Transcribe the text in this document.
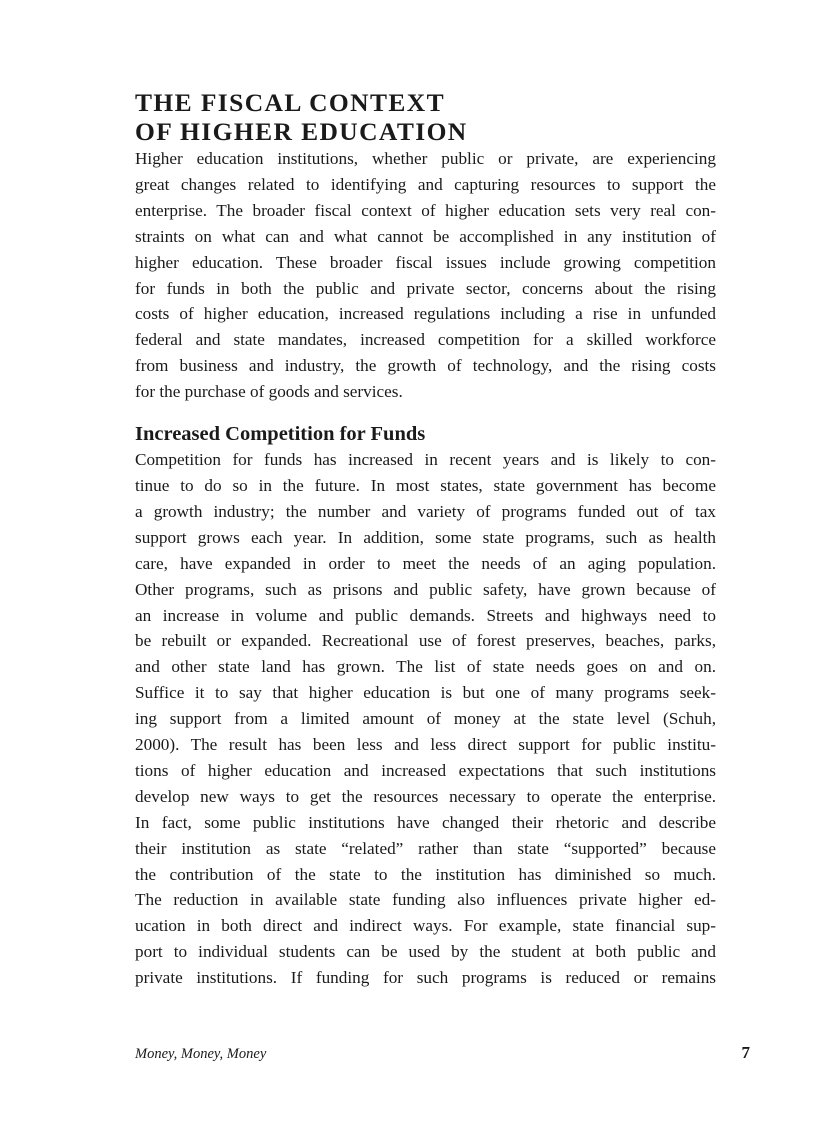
THE FISCAL CONTEXT
OF HIGHER EDUCATION

Higher education institutions, whether public or private, are experiencing
great changes related to identifying and capturing resources to support the
enterprise. The broader fiscal context of higher education sets very real con-
straints on what can and what cannot be accomplished in any institution of
higher education. These broader fiscal issues include growing competition
for funds in both the public and private sector, concerns about the rising
costs of higher education, increased regulations including a rise in unfunded
federal and state mandates, increased competition for a skilled workforce
from business and industry, the growth of technology, and the rising costs
for the purchase of goods and services.

Increased Competition for Funds

Competition for funds has increased in recent years and is likely to con-
tinue to do so in the future. In most states, state government has become
a growth industry; the number and variety of programs funded out of tax
support grows each year. In addition, some state programs, such as health
care, have expanded in order to meet the needs of an aging population.
Other programs, such as prisons and public safety, have grown because of
an increase in volume and public demands. Streets and highways need to
be rebuilt or expanded. Recreational use of forest preserves, beaches, parks,
and other state land has grown. The list of state needs goes on and on.
Suffice it to say that higher education is but one of many programs seek-
ing support from a limited amount of money at the state level (Schuh,
2000). The result has been less and less direct support for public institu-
tions of higher education and increased expectations that such institutions
develop new ways to get the resources necessary to operate the enterprise.
In fact, some public institutions have changed their rhetoric and describe
their institution as state “related” rather than state “supported” because
the contribution of the state to the institution has diminished so much.
The reduction in available state funding also influences private higher ed-
ucation in both direct and indirect ways. For example, state financial sup-
port to individual students can be used by the student at both public and
private institutions. If funding for such programs is reduced or remains

Money, Money, Money	7
